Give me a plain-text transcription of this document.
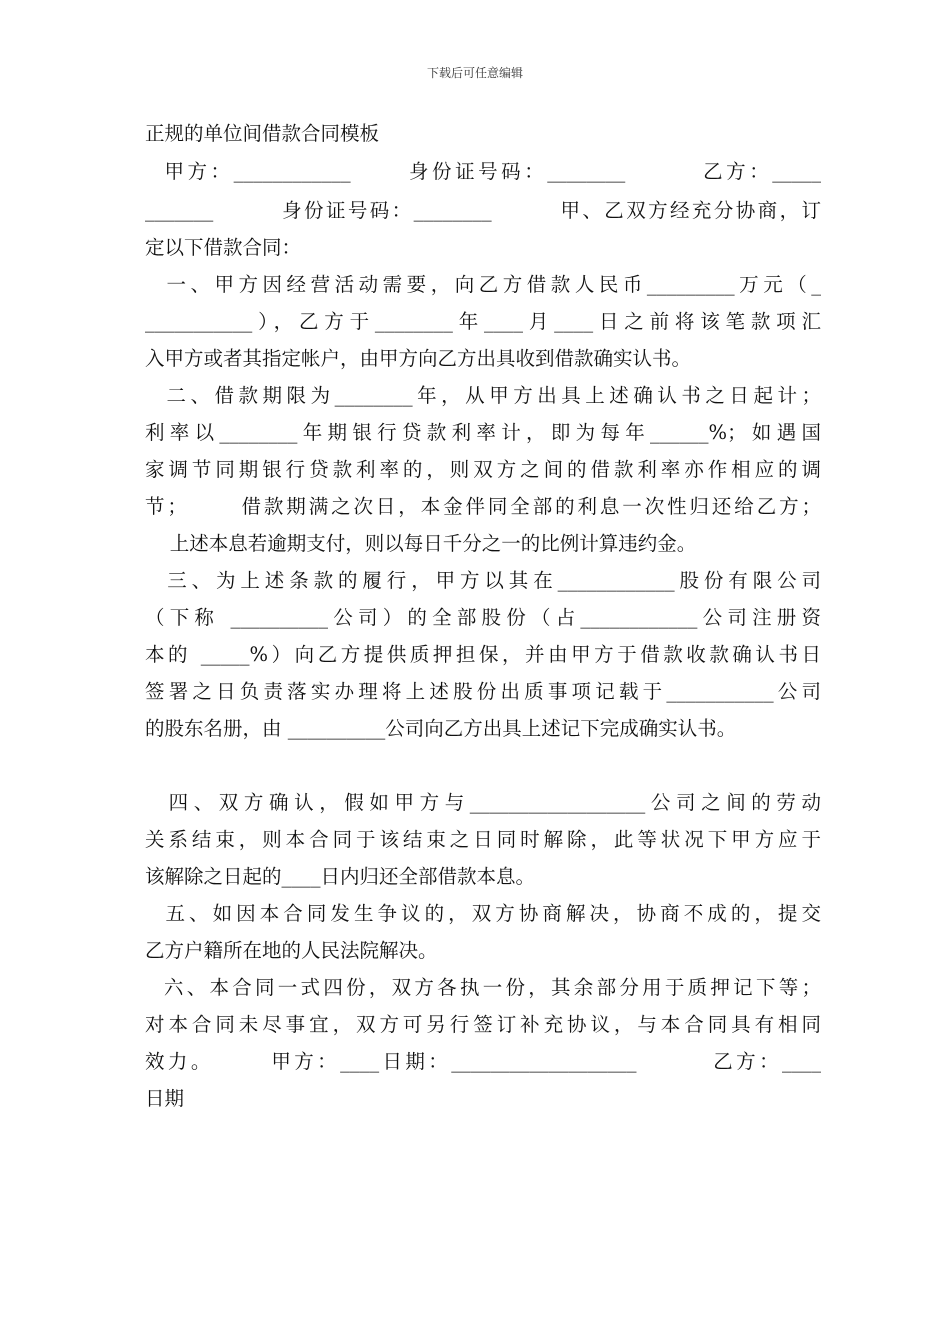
下载后可任意编辑
正规的单位间借款合同模板
甲方：____________      身份证号码：________        乙方：_____
_______        身份证号码：________        甲、乙双方经充分协商，订
定以下借款合同：
一、甲方因经营活动需要，向乙方借款人民币_________万元（_
___________），乙方于________年____月____日之前将该笔款项汇
入甲方或者其指定帐户，由甲方向乙方出具收到借款确实认书。
二、借款期限为________年，从甲方出具上述确认书之日起计；
利率以________年期银行贷款利率计，即为每年______%；如遇国
家调节同期银行贷款利率的，则双方之间的借款利率亦作相应的调
节；      借款期满之次日，本金伴同全部的利息一次性归还给乙方；
上述本息若逾期支付，则以每日千分之一的比例计算违约金。
三、为上述条款的履行，甲方以其在____________股份有限公司
（下称 __________公司）的全部股份（占____________公司注册资
本的 _____%）向乙方提供质押担保，并由甲方于借款收款确认书日
签署之日负责落实办理将上述股份出质事项记载于___________公司
的股东名册，由 __________公司向乙方出具上述记下完成确实认书。
四、双方确认，假如甲方与__________________公司之间的劳动
关系结束，则本合同于该结束之日同时解除，此等状况下甲方应于
该解除之日起的____日内归还全部借款本息。
五、如因本合同发生争议的，双方协商解决，协商不成的，提交
乙方户籍所在地的人民法院解决。
六、本合同一式四份，双方各执一份，其余部分用于质押记下等；
对本合同未尽事宜，双方可另行签订补充协议，与本合同具有相同
效力。      甲方：____日期：___________________        乙方：____
日期
